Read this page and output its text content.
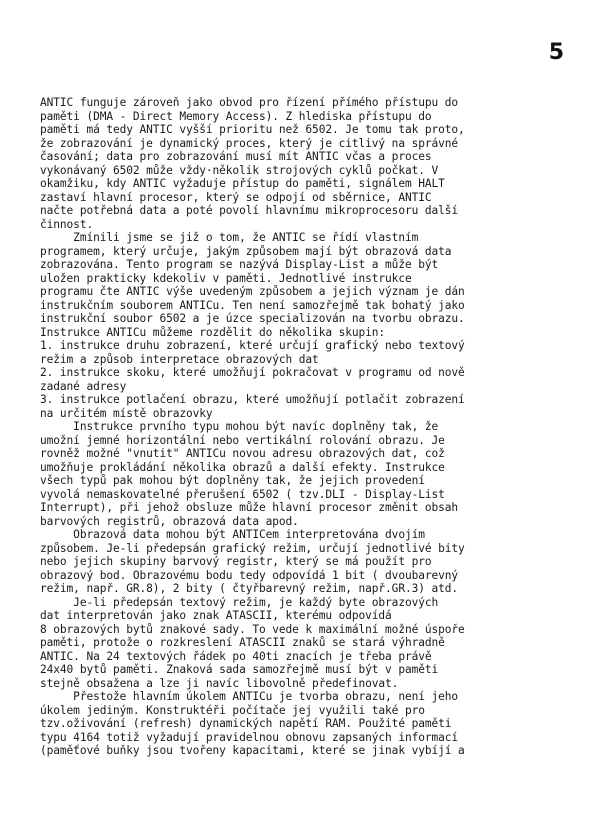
5
ANTIC funguje zároveň jako obvod pro řízení přímého přístupu do
paměti (DMA - Direct Memory Access). Z hlediska přístupu do
paměti má tedy ANTIC vyšší prioritu než 6502. Je tomu tak proto,
že zobrazování je dynamický proces, který je citlivý na správné
časování; data pro zobrazování musí mít ANTIC včas a proces
vykonávaný 6502 může vždy·několik strojových cyklů počkat. V
okamžiku, kdy ANTIC vyžaduje přístup do paměti, signálem HALT
zastaví hlavní procesor, který se odpojí od sběrnice, ANTIC
načte potřebná data a poté povolí hlavnímu mikroprocesoru další
činnost.
Zmínili jsme se již o tom, že ANTIC se řídí vlastním
programem, který určuje, jakým způsobem mají být obrazová data
zobrazována. Tento program se nazývá Display-List a může být
uložen prakticky kdekoliv v paměti. Jednotlivé instrukce
programu čte ANTIC výše uvedeným způsobem a jejich význam je dán
instrukčním souborem ANTICu. Ten není samozřejmě tak bohatý jako
instrukční soubor 6502 a je úzce specializován na tvorbu obrazu.
Instrukce ANTICu můžeme rozdělit do několika skupin:
1. instrukce druhu zobrazení, které určují grafický nebo textový
režim a způsob interpretace obrazových dat
2. instrukce skoku, které umožňují pokračovat v programu od nově
zadané adresy
3. instrukce potlačení obrazu, které umožňují potlačit zobrazení
na určitém místě obrazovky
Instrukce prvního typu mohou být navíc doplněny tak, že
umožní jemné horizontální nebo vertikální rolování obrazu. Je
rovněž možné "vnutit" ANTICu novou adresu obrazových dat, což
umožňuje prokládání několika obrazů a další efekty. Instrukce
všech typů pak mohou být doplněny tak, že jejich provedení
vyvolá nemaskovatelné přerušení 6502 ( tzv.DLI - Display-List
Interrupt), při jehož obsluze může hlavní procesor změnit obsah
barvových registrů, obrazová data apod.
Obrazová data mohou být ANTICem interpretována dvojím
způsobem. Je-li předepsán grafický režim, určují jednotlivé bity
nebo jejich skupiny barvový registr, který se má použít pro
obrazový bod. Obrazovému bodu tedy odpovídá 1 bit ( dvoubarevný
režim, např. GR.8), 2 bity ( čtyřbarevný režim, např.GR.3) atd.
Je-li předepsán textový režim, je každý byte obrazových
dat interpretován jako znak ATASCII, kterému odpovídá
8 obrazových bytů znakové sady. To vede k maximální možné úspoře
paměti, protože o rozkreslení ATASCII znaků se stará výhradně
ANTIC. Na 24 textových řádek po 40ti znacích je třeba právě
24x40 bytů paměti. Znaková sada samozřejmě musí být v paměti
stejně obsažena a lze ji navíc libovolně předefinovat.
Přestože hlavním úkolem ANTICu je tvorba obrazu, není jeho
úkolem jediným. Konstruktéři počítače jej využili také pro
tzv.oživování (refresh) dynamických napětí RAM. Použité paměti
typu 4164 totiž vyžadují pravidelnou obnovu zapsaných informací
(paměťové buňky jsou tvořeny kapacitami, které se jinak vybíjí a
